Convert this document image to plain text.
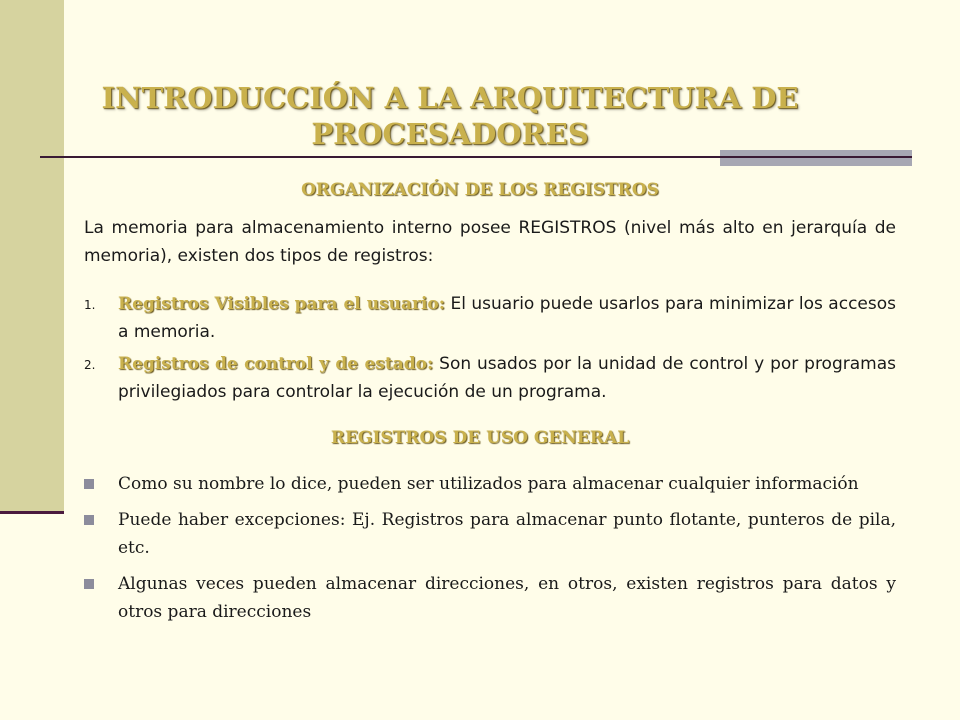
INTRODUCCIÓN A LA ARQUITECTURA DE PROCESADORES
ORGANIZACIÓN DE LOS REGISTROS
La memoria para almacenamiento interno posee REGISTROS (nivel más alto en jerarquía de memoria), existen dos tipos de registros:
1.	Registros Visibles para el usuario: El usuario puede usarlos para minimizar los accesos a memoria.
2.	Registros de control y de estado: Son usados por la unidad de control y por programas privilegiados para controlar la ejecución de un programa.
REGISTROS DE USO GENERAL
Como su nombre lo dice, pueden ser utilizados para almacenar cualquier información
Puede haber excepciones: Ej. Registros para almacenar punto flotante, punteros de pila, etc.
Algunas veces pueden almacenar direcciones, en otros, existen registros para datos y otros para direcciones
